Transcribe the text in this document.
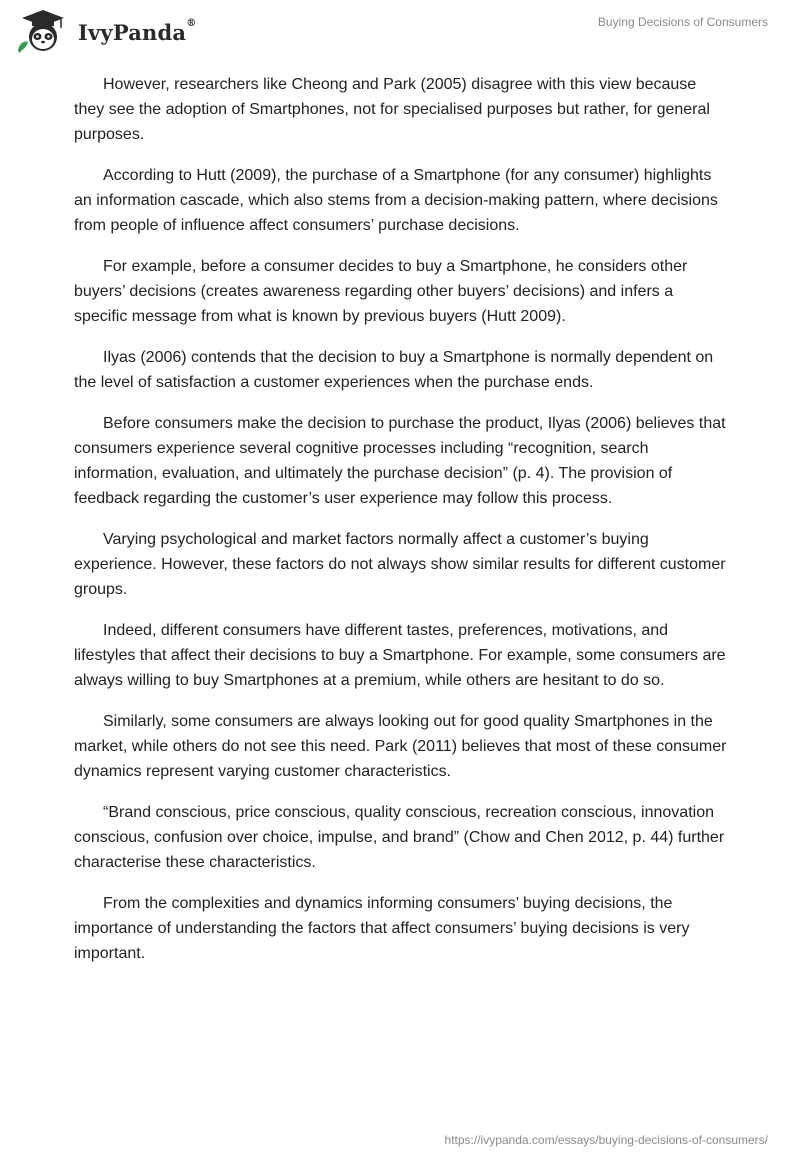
IvyPanda®	Buying Decisions of Consumers

However, researchers like Cheong and Park (2005) disagree with this view because they see the adoption of Smartphones, not for specialised purposes but rather, for general purposes.

According to Hutt (2009), the purchase of a Smartphone (for any consumer) highlights an information cascade, which also stems from a decision-making pattern, where decisions from people of influence affect consumers’ purchase decisions.

For example, before a consumer decides to buy a Smartphone, he considers other buyers’ decisions (creates awareness regarding other buyers’ decisions) and infers a specific message from what is known by previous buyers (Hutt 2009).

Ilyas (2006) contends that the decision to buy a Smartphone is normally dependent on the level of satisfaction a customer experiences when the purchase ends.

Before consumers make the decision to purchase the product, Ilyas (2006) believes that consumers experience several cognitive processes including “recognition, search information, evaluation, and ultimately the purchase decision” (p. 4). The provision of feedback regarding the customer’s user experience may follow this process.

Varying psychological and market factors normally affect a customer’s buying experience. However, these factors do not always show similar results for different customer groups.

Indeed, different consumers have different tastes, preferences, motivations, and lifestyles that affect their decisions to buy a Smartphone. For example, some consumers are always willing to buy Smartphones at a premium, while others are hesitant to do so.

Similarly, some consumers are always looking out for good quality Smartphones in the market, while others do not see this need. Park (2011) believes that most of these consumer dynamics represent varying customer characteristics.

“Brand conscious, price conscious, quality conscious, recreation conscious, innovation conscious, confusion over choice, impulse, and brand” (Chow and Chen 2012, p. 44) further characterise these characteristics.

From the complexities and dynamics informing consumers’ buying decisions, the importance of understanding the factors that affect consumers’ buying decisions is very important.

https://ivypanda.com/essays/buying-decisions-of-consumers/
